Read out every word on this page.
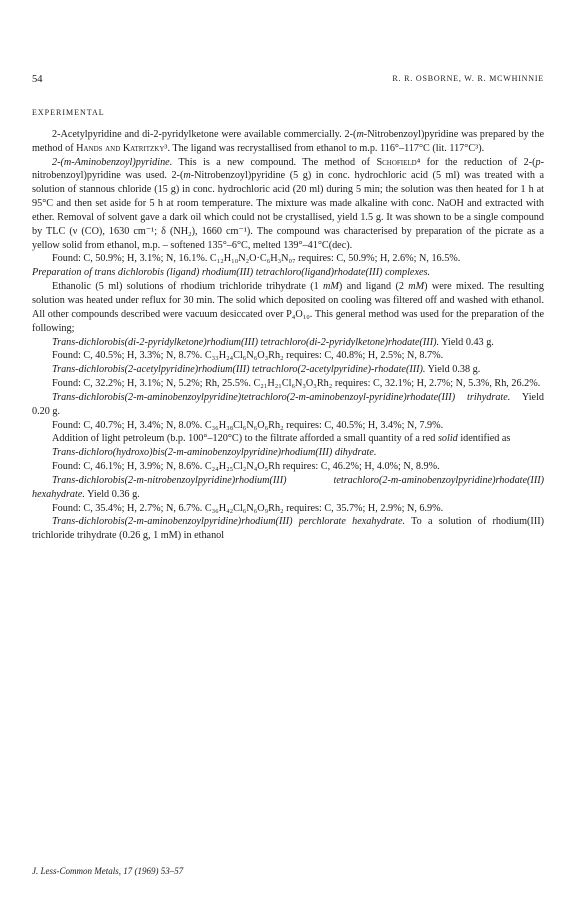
54	R. R. OSBORNE, W. R. MCWHINNIE
EXPERIMENTAL

2-Acetylpyridine and di-2-pyridylketone were available commercially. 2-(m-Nitrobenzoyl)pyridine was prepared by the method of Hands and Katritzky³. The ligand was recrystallised from ethanol to m.p. 116°–117°C (lit. 117°C³).

2-(m-Aminobenzoyl)pyridine. This is a new compound. The method of Schofield⁴ for the reduction of 2-(p-nitrobenzoyl)pyridine was used. 2-(m-Nitrobenzoyl)pyridine (5 g) in conc. hydrochloric acid (5 ml) was treated with a solution of stannous chloride (15 g) in conc. hydrochloric acid (20 ml) during 5 min; the solution was then heated for 1 h at 95°C and then set aside for 5 h at room temperature. The mixture was made alkaline with conc. NaOH and extracted with ether. Removal of solvent gave a dark oil which could not be crystallised, yield 1.5 g. It was shown to be a single compound by TLC (ν (CO), 1630 cm⁻¹; δ (NH₂), 1660 cm⁻¹). The compound was characterised by preparation of the picrate as a yellow solid from ethanol, m.p. – softened 135°–6°C, melted 139°–41°C(dec).

Found: C, 50.9%; H, 3.1%; N, 16.1%. C₁₂H₁₀N₂O·C₆H₃N₀₇ requires: C, 50.9%; H, 2.6%; N, 16.5%.

Preparation of trans dichlorobis (ligand) rhodium(III) tetrachloro(ligand)rhodate(III) complexes.

Ethanolic (5 ml) solutions of rhodium trichloride trihydrate (1 mM) and ligand (2 mM) were mixed. The resulting solution was heated under reflux for 30 min. The solid which deposited on cooling was filtered off and washed with ethanol. All other compounds described were vacuum desiccated over P₄O₁₀. This general method was used for the preparation of the following;

Trans-dichlorobis(di-2-pyridylketone)rhodium(III) tetrachloro(di-2-pyridylketone)rhodate(III). Yield 0.43 g.

Found: C, 40.5%; H, 3.3%; N, 8.7%. C₃₃H₂₄Cl₆N₆O₃Rh₂ requires: C, 40.8%; H, 2.5%; N, 8.7%.

Trans-dichlorobis(2-acetylpyridine)rhodium(III) tetrachloro(2-acetylpyridine)-rhodate(III). Yield 0.38 g.

Found: C, 32.2%; H, 3.1%; N, 5.2%; Rh, 25.5%. C₂₁H₂₁Cl₆N₃O₃Rh₂ requires: C, 32.1%; H, 2.7%; N, 5.3%, Rh, 26.2%.

Trans-dichlorobis(2-m-aminobenzoylpyridine)tetrachloro(2-m-aminobenzoyl-pyridine)rhodate(III) trihydrate. Yield 0.20 g.

Found: C, 40.7%; H, 3.4%; N, 8.0%. C₃₆H₃₈Cl₆N₆O₆Rh₂ requires: C, 40.5%; H, 3.4%; N, 7.9%.

Addition of light petroleum (b.p. 100°–120°C) to the filtrate afforded a small quantity of a red solid identified as

Trans-dichloro(hydroxo)bis(2-m-aminobenzoylpyridine)rhodium(III) dihydrate.

Found: C, 46.1%; H, 3.9%; N, 8.6%. C₂₄H₂₅Cl₂N₄O₅Rh requires: C, 46.2%; H, 4.0%; N, 8.9%.

Trans-dichlorobis(2-m-nitrobenzoylpyridine)rhodium(III) tetrachloro(2-m-aminobenzoylpyridine)rhodate(III) hexahydrate. Yield 0.36 g.

Found: C, 35.4%; H, 2.7%; N, 6.7%. C₃₆H₄₂Cl₆N₆O₉Rh₂ requires: C, 35.7%; H, 2.9%; N, 6.9%.

Trans-dichlorobis(2-m-aminobenzoylpyridine)rhodium(III) perchlorate hexahydrate. To a solution of rhodium(III) trichloride trihydrate (0.26 g, 1 mM) in ethanol

J. Less-Common Metals, 17 (1969) 53–57
